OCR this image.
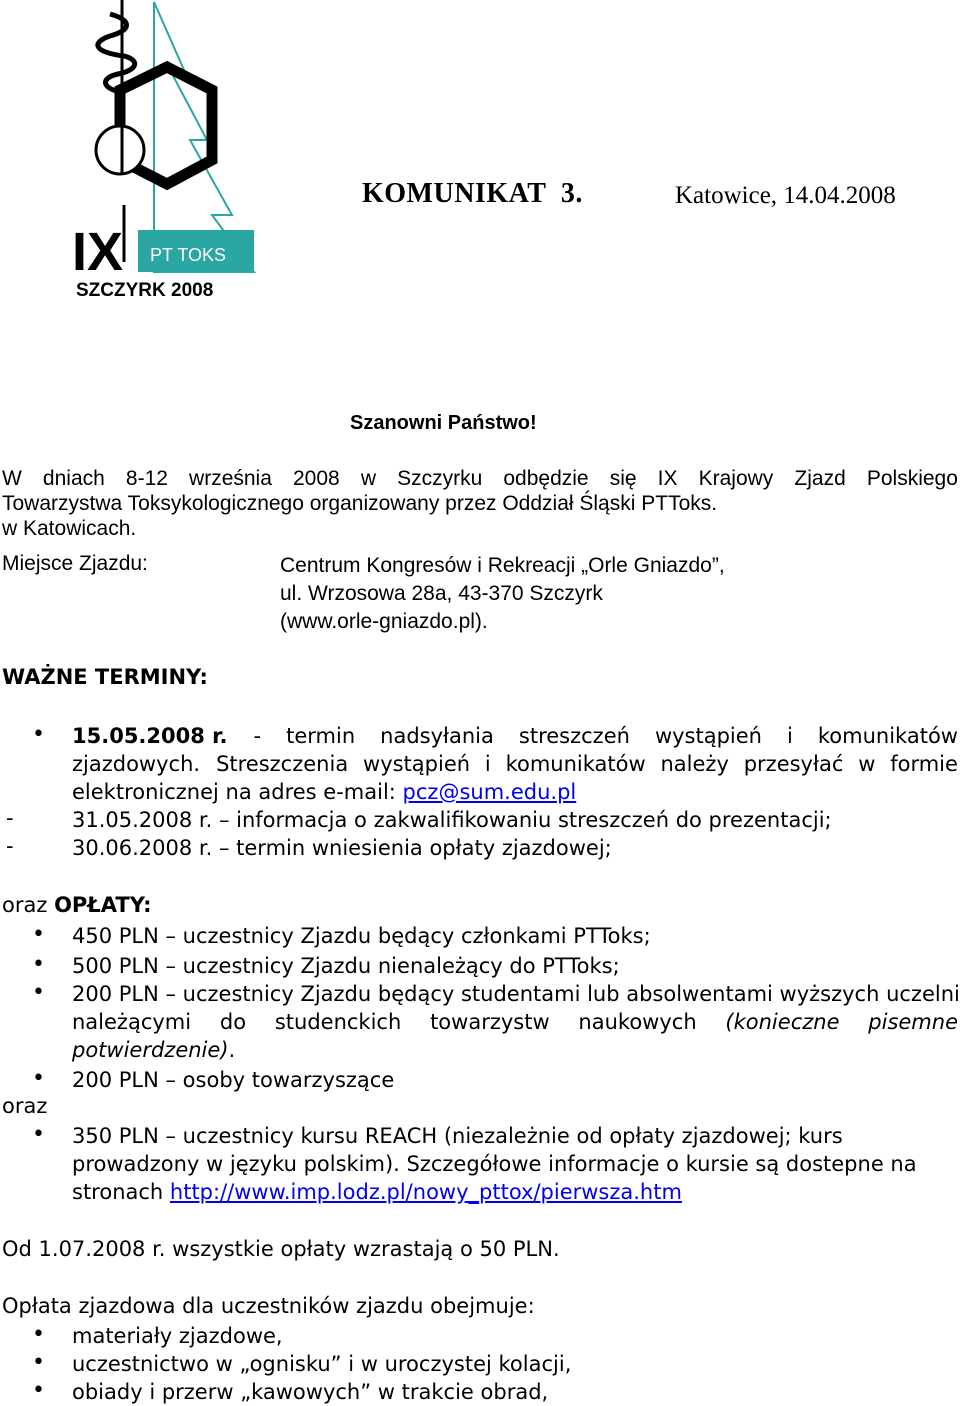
IX PT TOKS
SZCZYRK 2008
KOMUNIKAT  3.	Katowice, 14.04.2008
Szanowni Państwo!
W dniach 8-12 września 2008 w Szczyrku odbędzie się IX Krajowy Zjazd Polskiego
Towarzystwa Toksykologicznego organizowany przez Oddział Śląski PTToks.
w Katowicach.
Miejsce Zjazdu:	Centrum Kongresów i Rekreacji „Orle Gniazdo”,
ul. Wrzosowa 28a, 43-370 Szczyrk
(www.orle-gniazdo.pl).
WAŻNE TERMINY:
• 15.05.2008 r. - termin nadsyłania streszczeń wystąpień i komunikatów
zjazdowych. Streszczenia wystąpień i komunikatów należy przesyłać w formie
elektronicznej na adres e-mail: pcz@sum.edu.pl
-	31.05.2008 r. – informacja o zakwalifikowaniu streszczeń do prezentacji;
-	30.06.2008 r. – termin wniesienia opłaty zjazdowej;
oraz OPŁATY:
• 450 PLN – uczestnicy Zjazdu będący członkami PTToks;
• 500 PLN – uczestnicy Zjazdu nienależący do PTToks;
• 200 PLN – uczestnicy Zjazdu będący studentami lub absolwentami wyższych uczelni
należącymi do studenckich towarzystw naukowych (konieczne pisemne
potwierdzenie).
• 200 PLN – osoby towarzyszące
oraz
• 350 PLN – uczestnicy kursu REACH (niezależnie od opłaty zjazdowej; kurs
prowadzony w języku polskim). Szczegółowe informacje o kursie są dostepne na
stronach http://www.imp.lodz.pl/nowy_pttox/pierwsza.htm
Od 1.07.2008 r. wszystkie opłaty wzrastają o 50 PLN.
Opłata zjazdowa dla uczestników zjazdu obejmuje:
• materiały zjazdowe,
• uczestnictwo w „ognisku” i w uroczystej kolacji,
• obiady i przerw „kawowych” w trakcie obrad,
